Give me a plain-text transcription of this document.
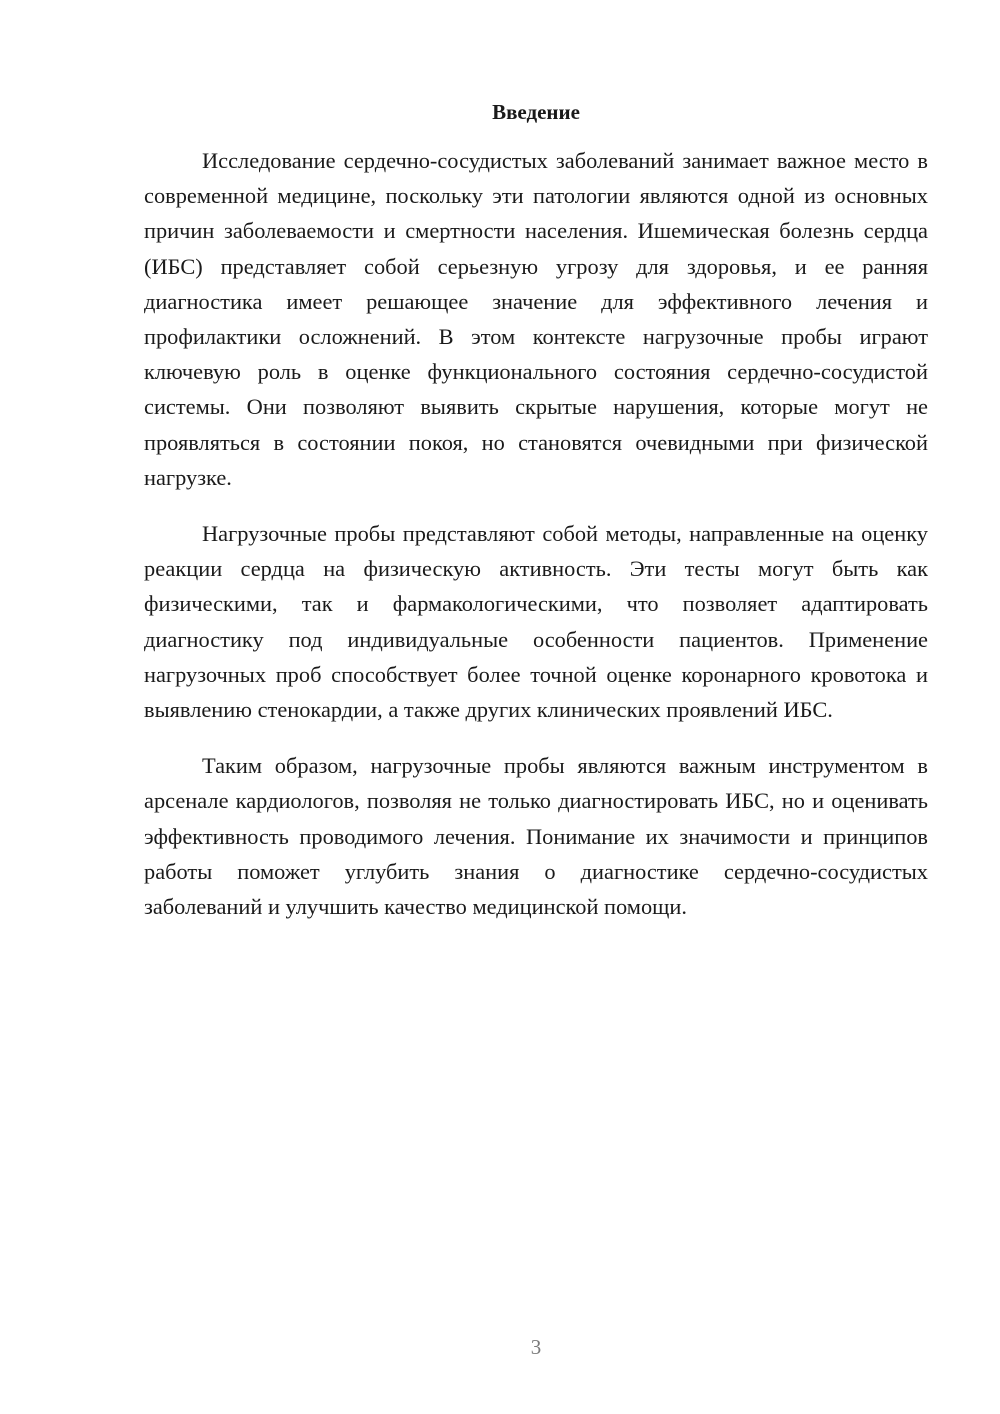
Введение

Исследование сердечно-сосудистых заболеваний занимает важное место в современной медицине, поскольку эти патологии являются одной из основных причин заболеваемости и смертности населения. Ишемическая болезнь сердца (ИБС) представляет собой серьезную угрозу для здоровья, и ее ранняя диагностика имеет решающее значение для эффективного лечения и профилактики осложнений. В этом контексте нагрузочные пробы играют ключевую роль в оценке функционального состояния сердечно-сосудистой системы. Они позволяют выявить скрытые нарушения, которые могут не проявляться в состоянии покоя, но становятся очевидными при физической нагрузке.

Нагрузочные пробы представляют собой методы, направленные на оценку реакции сердца на физическую активность. Эти тесты могут быть как физическими, так и фармакологическими, что позволяет адаптировать диагностику под индивидуальные особенности пациентов. Применение нагрузочных проб способствует более точной оценке коронарного кровотока и выявлению стенокардии, а также других клинических проявлений ИБС.

Таким образом, нагрузочные пробы являются важным инструментом в арсенале кардиологов, позволяя не только диагностировать ИБС, но и оценивать эффективность проводимого лечения. Понимание их значимости и принципов работы поможет углубить знания о диагностике сердечно-сосудистых заболеваний и улучшить качество медицинской помощи.

3
